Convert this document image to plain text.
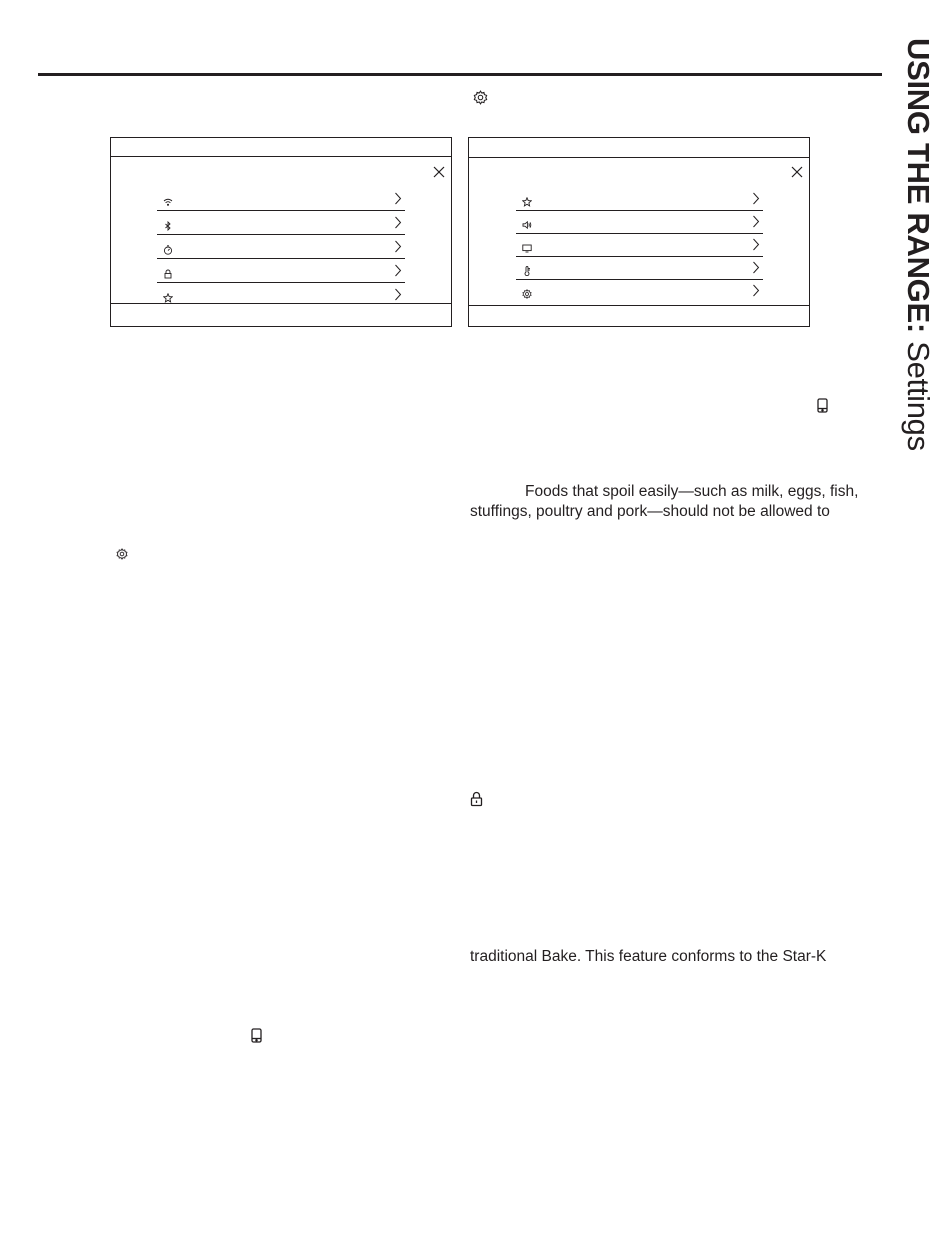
USING THE RANGE: Settings

Foods that spoil easily—such as milk, eggs, fish,

stuffings, poultry and pork—should not be allowed to

traditional Bake. This feature conforms to the Star-K
